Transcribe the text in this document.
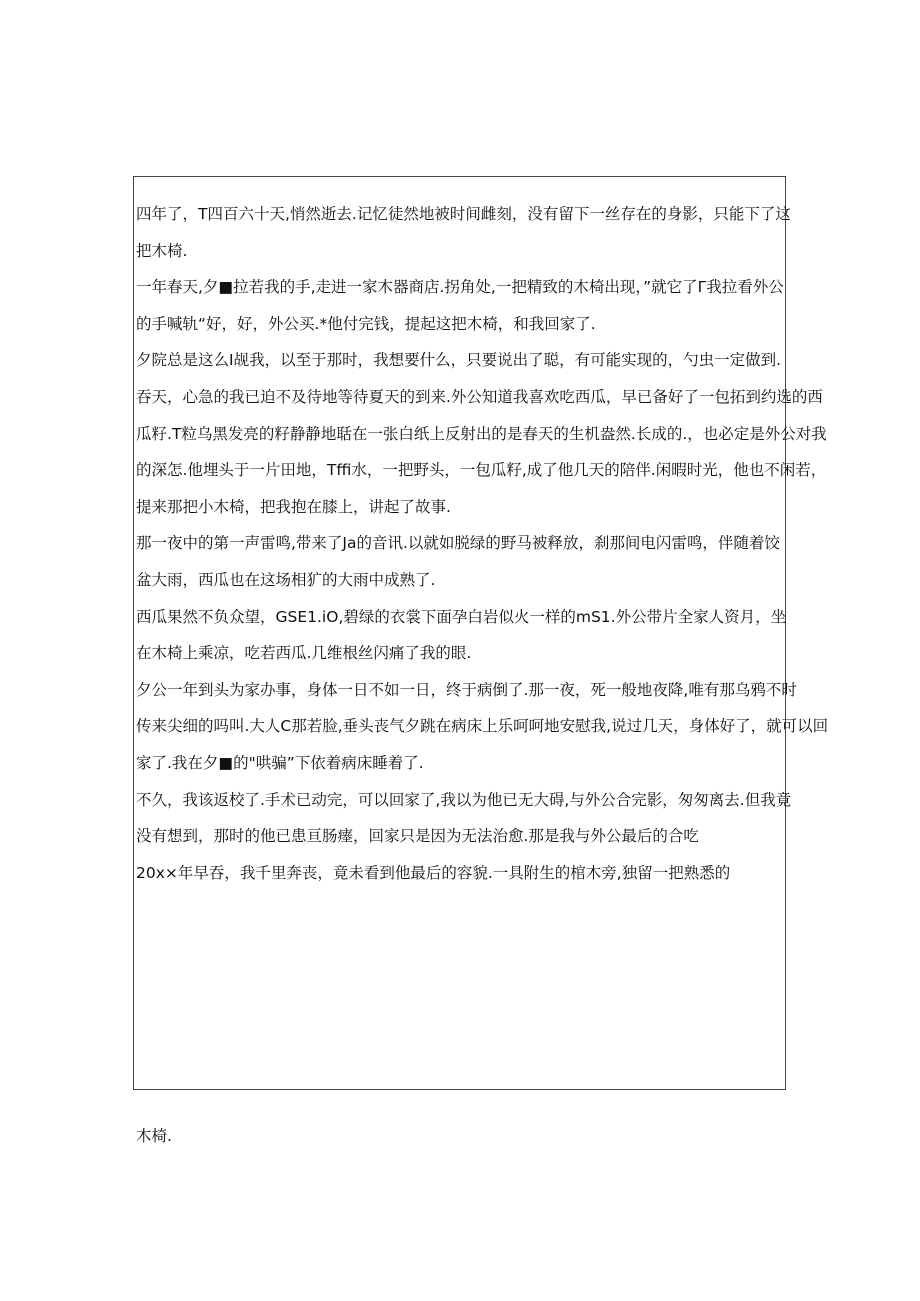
四年了，T四百六十天,悄然逝去.记忆徒然地被时间雌刻，没有留下一丝存在的身影，只能下了这

把木椅.

一年春天,夕■拉若我的手,走进一家木器商店.拐角处,一把精致的木椅出现，”就它了Γ我拉看外公

的手喊轨“好，好，外公买.*他付完钱，提起这把木椅，和我回家了.

夕院总是这么I觇我，以至于那时，我想要什么，只要说出了聪，有可能实现的，勺虫一定做到.

吞天，心急的我已迫不及待地等待夏天的到来.外公知道我喜欢吃西瓜，早已备好了一包拓到约选的西

瓜籽.T粒乌黑发亮的籽静静地聒在一张白纸上反射出的是春天的生机盎然.长成的.，也必定是外公对我

的深怎.他埋头于一片田地，Tffi水，一把野头，一包瓜籽,成了他几天的陪伴.闲暇时光，他也不闲若，

提来那把小木椅，把我抱在膝上，讲起了故事.

那一夜中的第一声雷鸣,带来了Ja的音讯.以就如脱绿的野马被释放，刹那间电闪雷鸣，伴随着饺

盆大雨，西瓜也在这场相犷的大雨中成熟了.

西瓜果然不负众望，GSE1.iO,碧绿的衣裳下面孕白岩似火一样的mS1.外公带片全家人资月，坐

在木椅上乘凉，吃若西瓜.几维根丝闪痛了我的眼.

夕公一年到头为家办事，身体一日不如一日，终于病倒了.那一夜，死一般地夜降,唯有那乌鸦不时

传来尖细的吗叫.大人C那若脸,垂头丧气夕跳在病床上乐呵呵地安慰我,说过几天，身体好了，就可以回

家了.我在夕■的"哄骗”下依着病床睡着了.

不久，我该返校了.手术已动完，可以回家了,我以为他已无大碍,与外公合完影，匆匆离去.但我竟

没有想到，那时的他已患亘肠瘗，回家只是因为无法治愈.那是我与外公最后的合吃

20x×年早吞，我千里奔丧，竟未看到他最后的容貌.一具附生的棺木旁,独留一把熟悉的

木椅.
